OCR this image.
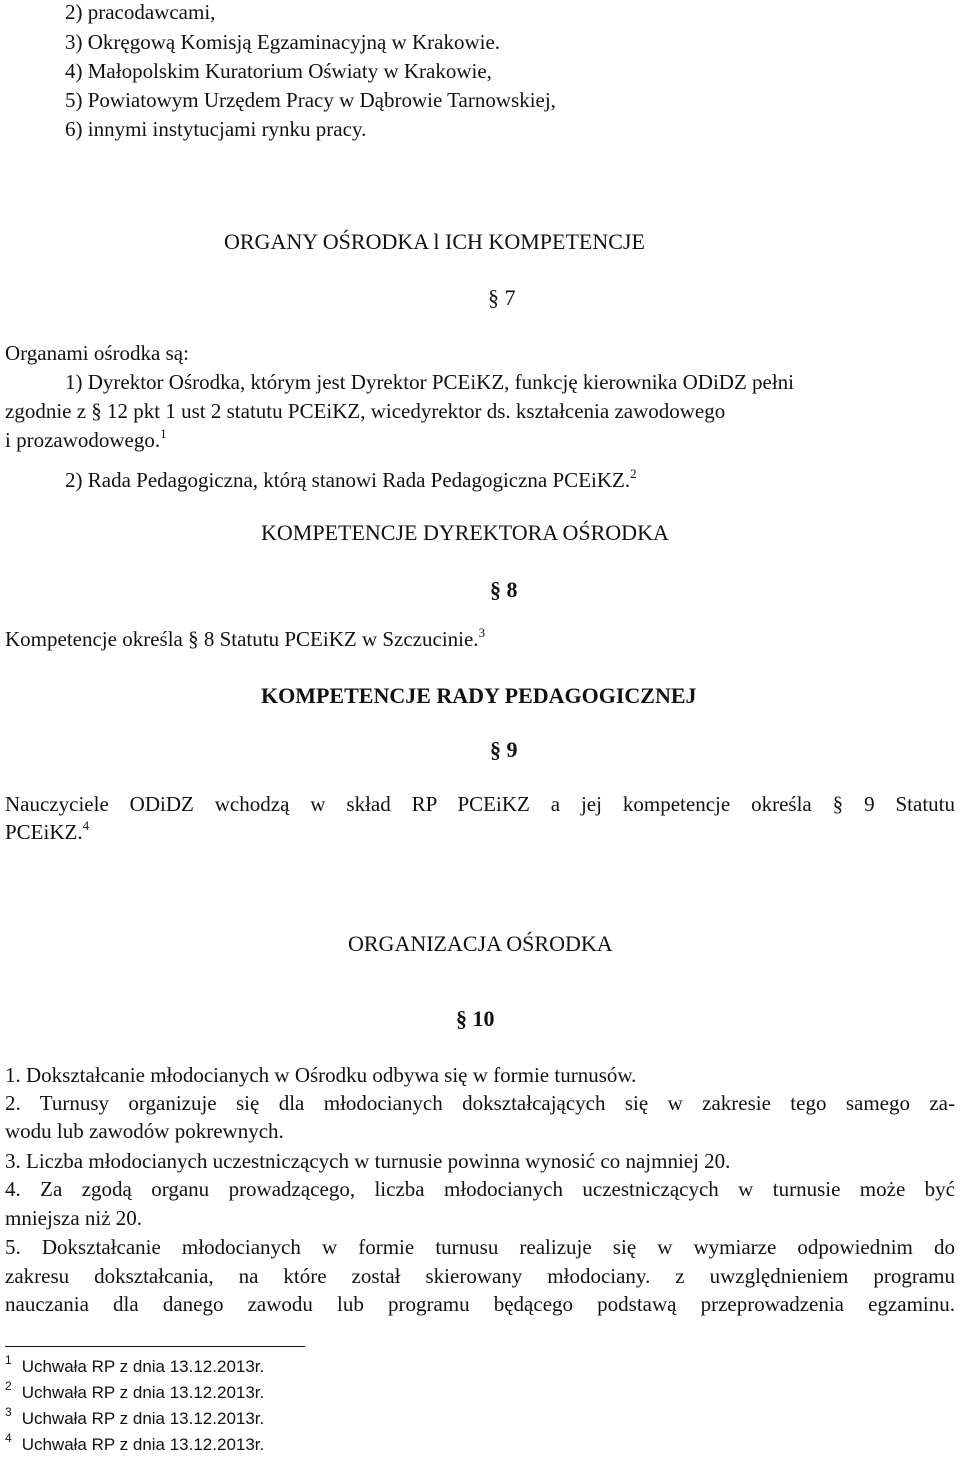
2) pracodawcami,
3) Okręgową Komisją Egzaminacyjną w Krakowie.
4) Małopolskim Kuratorium Oświaty w Krakowie,
5) Powiatowym Urzędem Pracy w Dąbrowie Tarnowskiej,
6) innymi instytucjami rynku pracy.
ORGANY OŚRODKA l ICH KOMPETENCJE
§ 7
Organami ośrodka są:
1) Dyrektor Ośrodka, którym jest Dyrektor PCEiKZ, funkcję kierownika ODiDZ pełni
zgodnie z § 12 pkt 1 ust 2 statutu PCEiKZ, wicedyrektor ds. kształcenia zawodowego
i prozawodowego.$^1$
2) Rada Pedagogiczna, którą stanowi Rada Pedagogiczna PCEiKZ.$^2$
KOMPETENCJE DYREKTORA OŚRODKA
§ 8
Kompetencje określa § 8 Statutu PCEiKZ w Szczucinie.$^3$
KOMPETENCJE RADY PEDAGOGICZNEJ
§ 9
Nauczyciele ODiDZ wchodzą w skład RP PCEiKZ a jej kompetencje określa § 9 Statutu
PCEiKZ.$^4$
ORGANIZACJA OŚRODKA
§ 10
1. Dokształcanie młodocianych w Ośrodku odbywa się w formie turnusów.
2. Turnusy organizuje się dla młodocianych dokształcających się w zakresie tego samego za-
wodu lub zawodów pokrewnych.
3. Liczba młodocianych uczestniczących w turnusie powinna wynosić co najmniej 20.
4. Za zgodą organu prowadzącego, liczba młodocianych uczestniczących w turnusie może być
mniejsza niż 20.
5. Dokształcanie młodocianych w formie turnusu realizuje się w wymiarze odpowiednim do
zakresu dokształcania, na które został skierowany młodociany. z uwzględnieniem programu
nauczania dla danego zawodu lub programu będącego podstawą przeprowadzenia egzaminu.
$^1$ Uchwała RP z dnia 13.12.2013r.
$^2$ Uchwała RP z dnia 13.12.2013r.
$^3$ Uchwała RP z dnia 13.12.2013r.
$^4$ Uchwała RP z dnia 13.12.2013r.
